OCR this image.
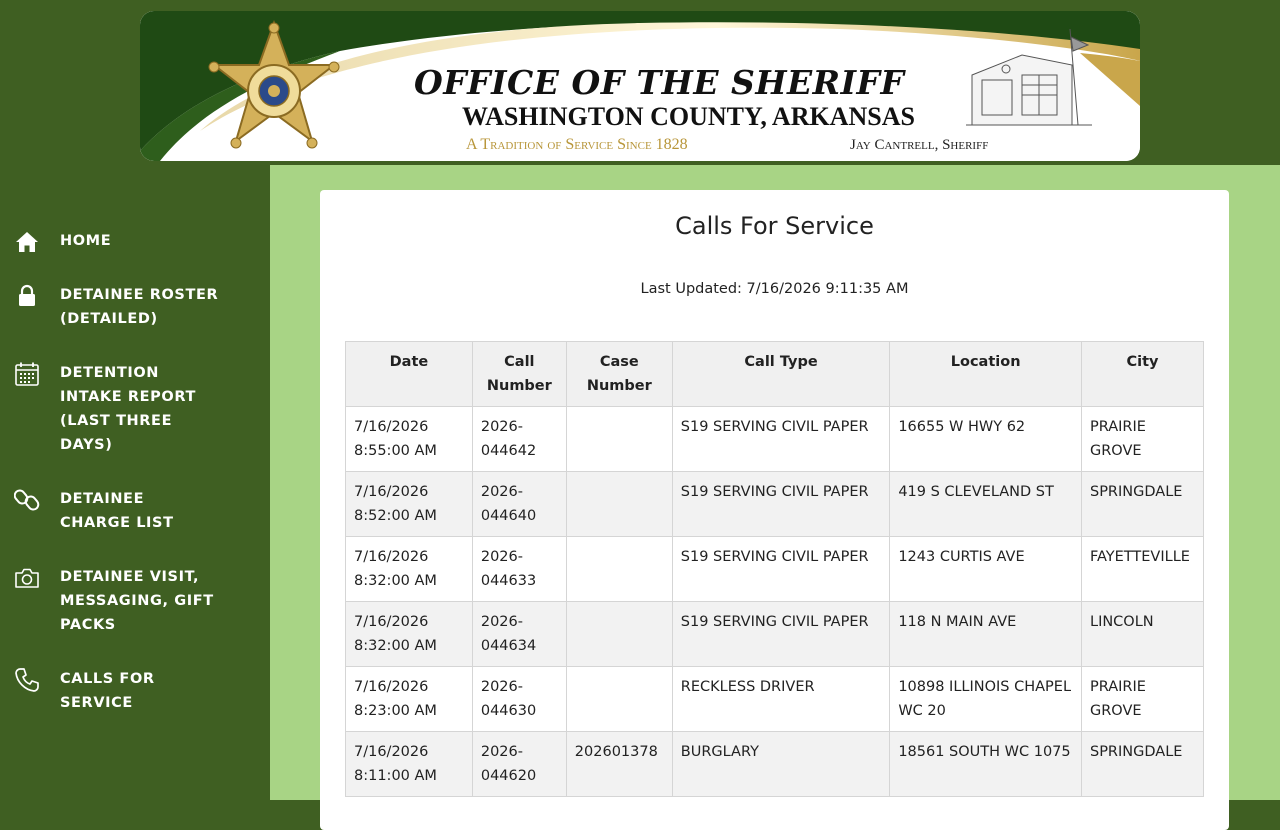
OFFICE OF THE SHERIFF
WASHINGTON COUNTY, ARKANSAS
A Tradition of Service Since 1828	Jay Cantrell, Sheriff
HOME
DETAINEE ROSTER (DETAILED)
DETENTION INTAKE REPORT (LAST THREE DAYS)
DETAINEE CHARGE LIST
DETAINEE VISIT, MESSAGING, GIFT PACKS
CALLS FOR SERVICE
Calls For Service
Last Updated: 7/16/2026 9:11:35 AM
Date	Call Number	Case Number	Call Type	Location	City
7/16/2026 8:55:00 AM	2026-044642		S19 SERVING CIVIL PAPER	16655 W HWY 62	PRAIRIE GROVE
7/16/2026 8:52:00 AM	2026-044640		S19 SERVING CIVIL PAPER	419 S CLEVELAND ST	SPRINGDALE
7/16/2026 8:32:00 AM	2026-044633		S19 SERVING CIVIL PAPER	1243 CURTIS AVE	FAYETTEVILLE
7/16/2026 8:32:00 AM	2026-044634		S19 SERVING CIVIL PAPER	118 N MAIN AVE	LINCOLN
7/16/2026 8:23:00 AM	2026-044630		RECKLESS DRIVER	10898 ILLINOIS CHAPEL WC 20	PRAIRIE GROVE
7/16/2026 8:11:00 AM	2026-044620	202601378	BURGLARY	18561 SOUTH WC 1075	SPRINGDALE
